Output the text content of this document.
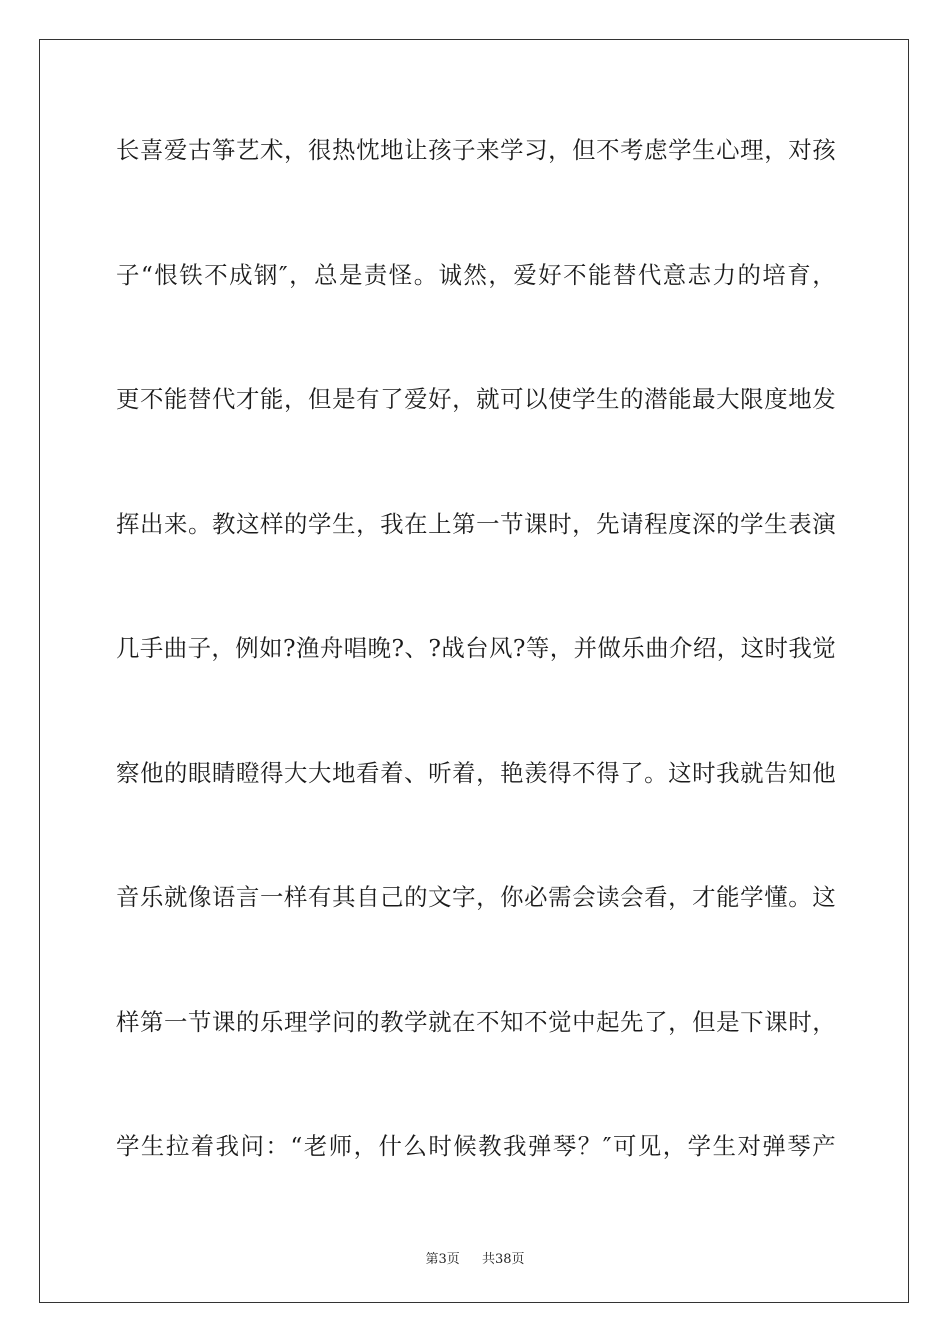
长喜爱古筝艺术，很热忱地让孩子来学习，但不考虑学生心理，对孩
子“恨铁不成钢″，总是责怪。诚然，爱好不能替代意志力的培育，
更不能替代才能，但是有了爱好，就可以使学生的潜能最大限度地发
挥出来。教这样的学生，我在上第一节课时，先请程度深的学生表演
几手曲子，例如?渔舟唱晚?、?战台风?等，并做乐曲介绍，这时我觉
察他的眼睛瞪得大大地看着、听着，艳羡得不得了。这时我就告知他
音乐就像语言一样有其自己的文字，你必需会读会看，才能学懂。这
样第一节课的乐理学问的教学就在不知不觉中起先了，但是下课时，
学生拉着我问：“老师，什么时候教我弹琴？″可见，学生对弹琴产
第3页 共38页
